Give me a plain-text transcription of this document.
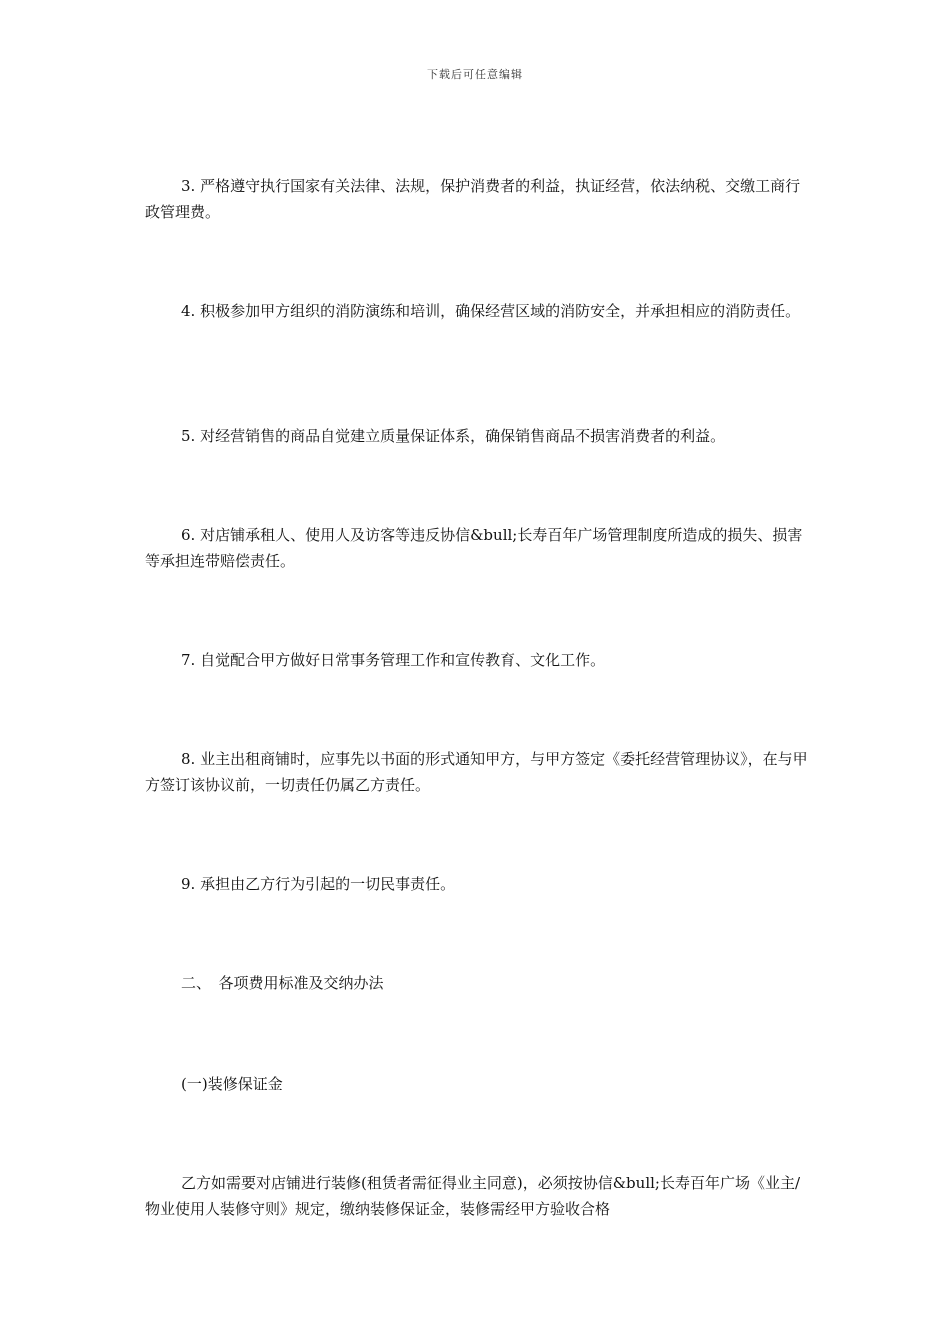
下载后可任意编辑

3. 严格遵守执行国家有关法律、法规，保护消费者的利益，执证经营，依法纳税、交缴工商行政管理费。

4. 积极参加甲方组织的消防演练和培训，确保经营区域的消防安全，并承担相应的消防责任。

5. 对经营销售的商品自觉建立质量保证体系，确保销售商品不损害消费者的利益。

6. 对店铺承租人、使用人及访客等违反协信&bull;长寿百年广场管理制度所造成的损失、损害等承担连带赔偿责任。

7. 自觉配合甲方做好日常事务管理工作和宣传教育、文化工作。

8. 业主出租商铺时，应事先以书面的形式通知甲方，与甲方签定《委托经营管理协议》，在与甲方签订该协议前，一切责任仍属乙方责任。

9. 承担由乙方行为引起的一切民事责任。

二、　各项费用标准及交纳办法

(一)装修保证金

乙方如需要对店铺进行装修(租赁者需征得业主同意)，必须按协信&bull;长寿百年广场《业主/物业使用人装修守则》规定，缴纳装修保证金，装修需经甲方验收合格
